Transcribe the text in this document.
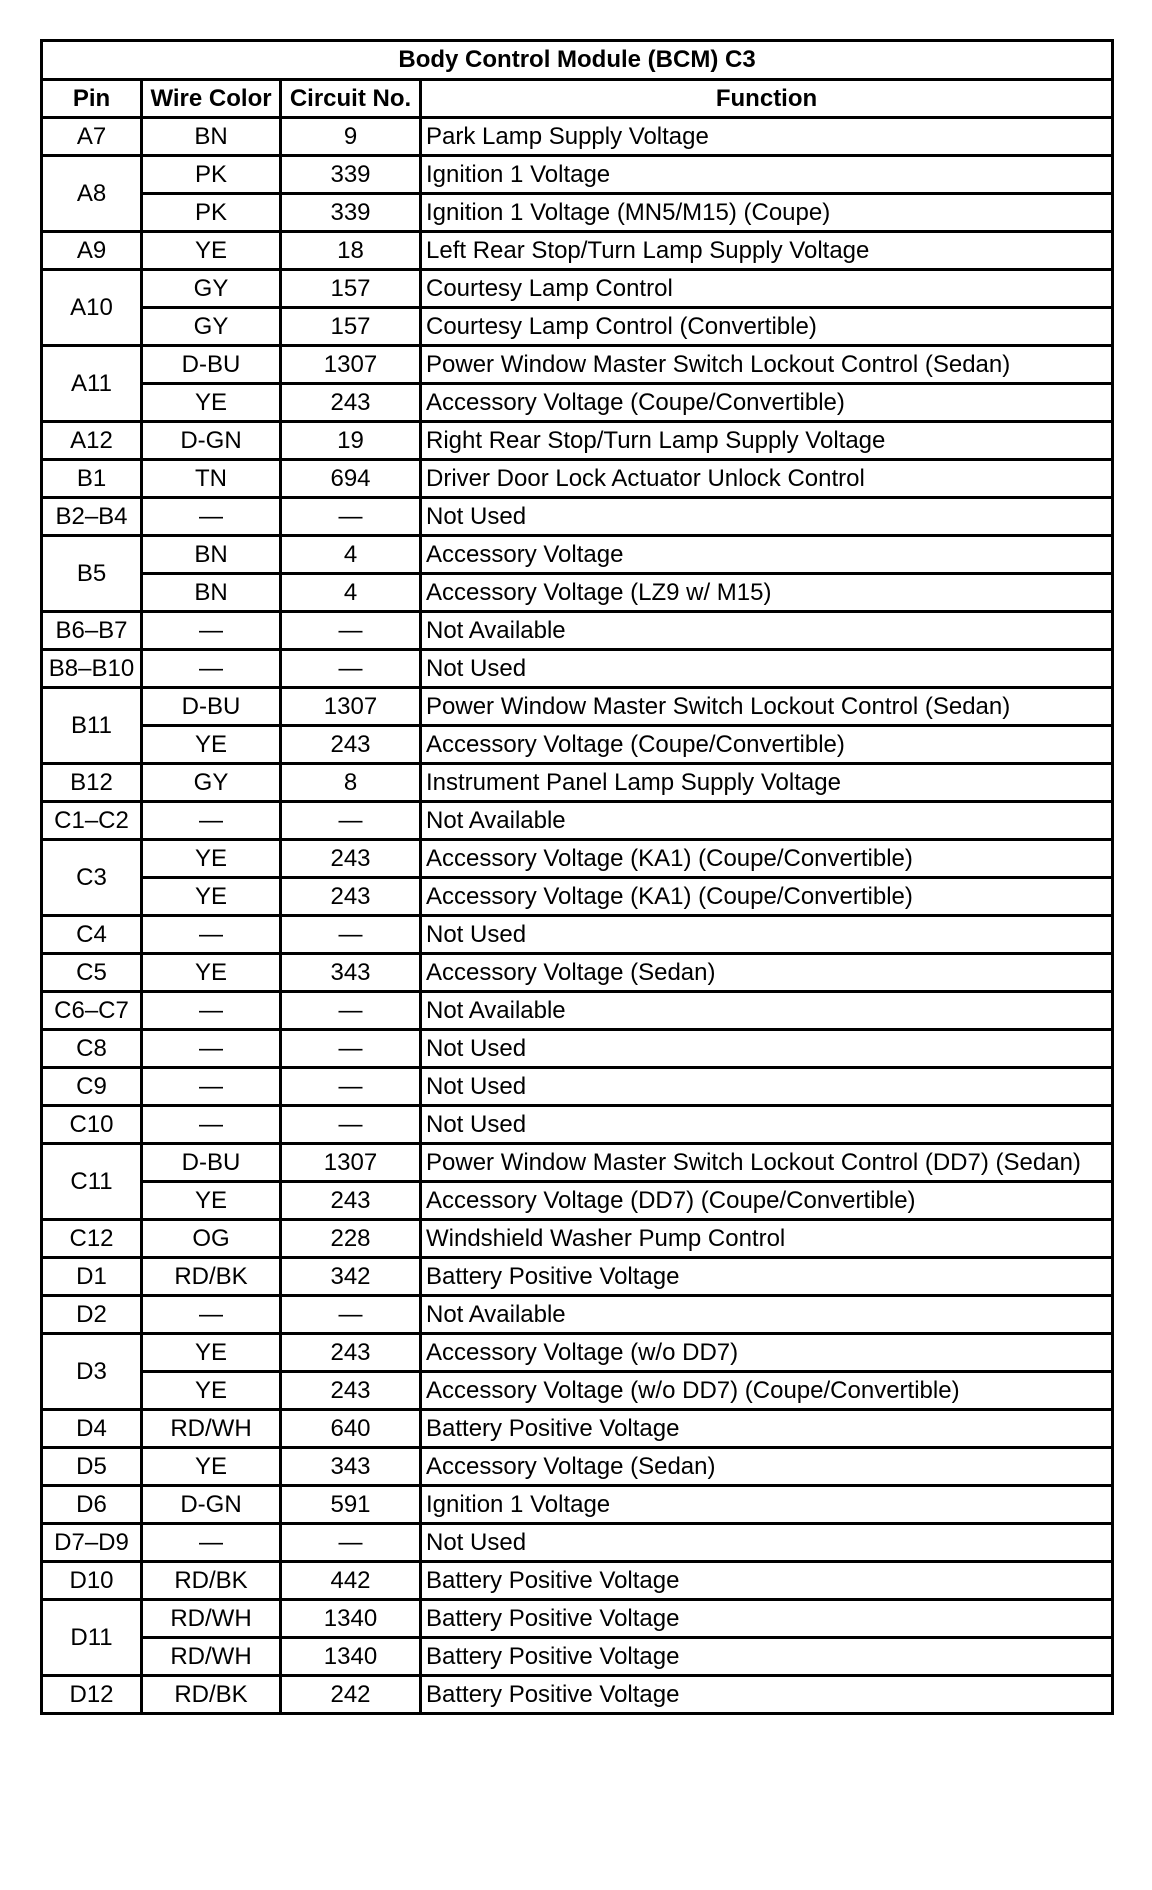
Body Control Module (BCM) C3			
Pin	Wire Color	Circuit No.	Function
A7	BN	9	Park Lamp Supply Voltage
A8	PK	339	Ignition 1 Voltage
	PK	339	Ignition 1 Voltage (MN5/M15) (Coupe)
A9	YE	18	Left Rear Stop/Turn Lamp Supply Voltage
A10	GY	157	Courtesy Lamp Control
	GY	157	Courtesy Lamp Control (Convertible)
A11	D-BU	1307	Power Window Master Switch Lockout Control (Sedan)
	YE	243	Accessory Voltage (Coupe/Convertible)
A12	D-GN	19	Right Rear Stop/Turn Lamp Supply Voltage
B1	TN	694	Driver Door Lock Actuator Unlock Control
B2–B4	—	—	Not Used
B5	BN	4	Accessory Voltage
	BN	4	Accessory Voltage (LZ9 w/ M15)
B6–B7	—	—	Not Available
B8–B10	—	—	Not Used
B11	D-BU	1307	Power Window Master Switch Lockout Control (Sedan)
	YE	243	Accessory Voltage (Coupe/Convertible)
B12	GY	8	Instrument Panel Lamp Supply Voltage
C1–C2	—	—	Not Available
C3	YE	243	Accessory Voltage (KA1) (Coupe/Convertible)
	YE	243	Accessory Voltage (KA1) (Coupe/Convertible)
C4	—	—	Not Used
C5	YE	343	Accessory Voltage (Sedan)
C6–C7	—	—	Not Available
C8	—	—	Not Used
C9	—	—	Not Used
C10	—	—	Not Used
C11	D-BU	1307	Power Window Master Switch Lockout Control (DD7) (Sedan)
	YE	243	Accessory Voltage (DD7) (Coupe/Convertible)
C12	OG	228	Windshield Washer Pump Control
D1	RD/BK	342	Battery Positive Voltage
D2	—	—	Not Available
D3	YE	243	Accessory Voltage (w/o DD7)
	YE	243	Accessory Voltage (w/o DD7) (Coupe/Convertible)
D4	RD/WH	640	Battery Positive Voltage
D5	YE	343	Accessory Voltage (Sedan)
D6	D-GN	591	Ignition 1 Voltage
D7–D9	—	—	Not Used
D10	RD/BK	442	Battery Positive Voltage
D11	RD/WH	1340	Battery Positive Voltage
	RD/WH	1340	Battery Positive Voltage
D12	RD/BK	242	Battery Positive Voltage
